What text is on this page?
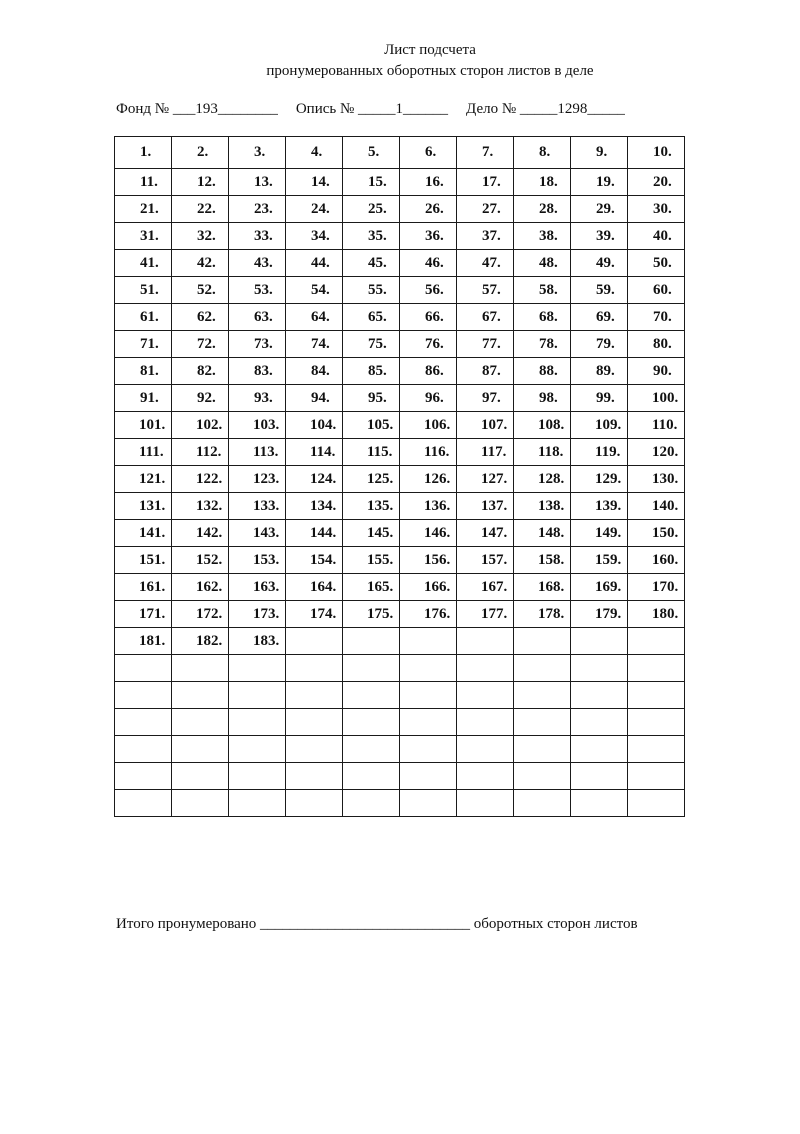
Лист подсчета
пронумерованных оборотных сторон листов в деле
Фонд № ___193________ Опись № _____1______ Дело № _____1298_____
1.	2.	3.	4.	5.	6.	7.	8.	9.	10.
11.	12.	13.	14.	15.	16.	17.	18.	19.	20.
21.	22.	23.	24.	25.	26.	27.	28.	29.	30.
31.	32.	33.	34.	35.	36.	37.	38.	39.	40.
41.	42.	43.	44.	45.	46.	47.	48.	49.	50.
51.	52.	53.	54.	55.	56.	57.	58.	59.	60.
61.	62.	63.	64.	65.	66.	67.	68.	69.	70.
71.	72.	73.	74.	75.	76.	77.	78.	79.	80.
81.	82.	83.	84.	85.	86.	87.	88.	89.	90.
91.	92.	93.	94.	95.	96.	97.	98.	99.	100.
101.	102.	103.	104.	105.	106.	107.	108.	109.	110.
111.	112.	113.	114.	115.	116.	117.	118.	119.	120.
121.	122.	123.	124.	125.	126.	127.	128.	129.	130.
131.	132.	133.	134.	135.	136.	137.	138.	139.	140.
141.	142.	143.	144.	145.	146.	147.	148.	149.	150.
151.	152.	153.	154.	155.	156.	157.	158.	159.	160.
161.	162.	163.	164.	165.	166.	167.	168.	169.	170.
171.	172.	173.	174.	175.	176.	177.	178.	179.	180.
181.	182.	183.							

Итого пронумеровано ____________________________ оборотных сторон листов
